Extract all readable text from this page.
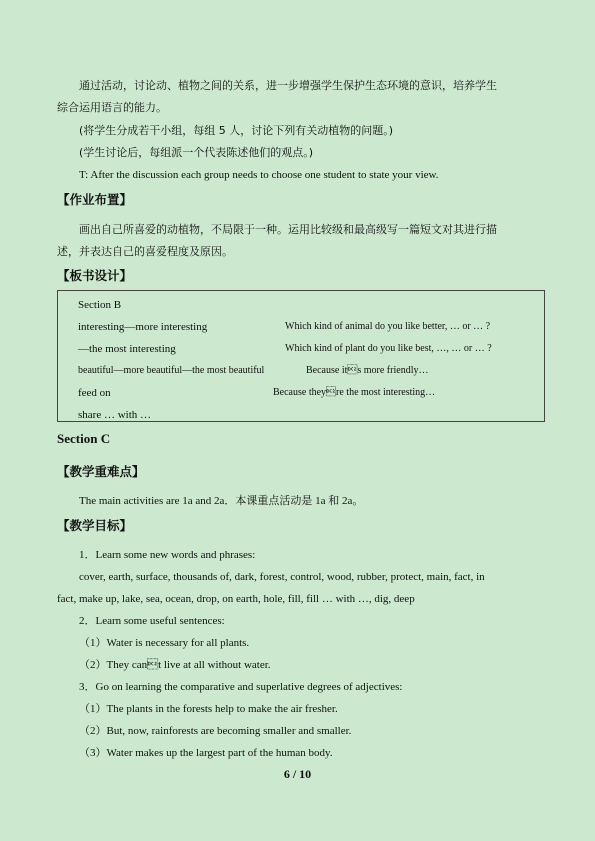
通过活动，讨论动、植物之间的关系，进一步增强学生保护生态环境的意识，培养学生
综合运用语言的能力。
(将学生分成若干小组，每组 5 人，讨论下列有关动植物的问题。)
(学生讨论后，每组派一个代表陈述他们的观点。)
T: After the discussion each group needs to choose one student to state your view.
【作业布置】
画出自己所喜爱的动植物，不局限于一种。运用比较级和最高级写一篇短文对其进行描
述，并表达自己的喜爱程度及原因。
【板书设计】
Section B
interesting—more interesting	Which kind of animal do you like better, … or … ?
—the most interesting	Which kind of plant do you like best, …, … or … ?
beautiful—more beautiful—the most beautiful	Because its more friendly…
feed on	Because theyre the most interesting…
share … with …
Section C
【教学重难点】
The main activities are 1a and 2a．本课重点活动是 1a 和 2a。
【教学目标】
1．Learn some new words and phrases:
cover, earth, surface, thousands of, dark, forest, control, wood, rubber, protect, main, fact, in
fact, make up, lake, sea, ocean, drop, on earth, hole, fill, fill … with …, dig, deep
2．Learn some useful sentences:
（1）Water is necessary for all plants.
（2）They cant live at all without water.
3．Go on learning the comparative and superlative degrees of adjectives:
（1）The plants in the forests help to make the air fresher.
（2）But, now, rainforests are becoming smaller and smaller.
（3）Water makes up the largest part of the human body.
6 / 10
